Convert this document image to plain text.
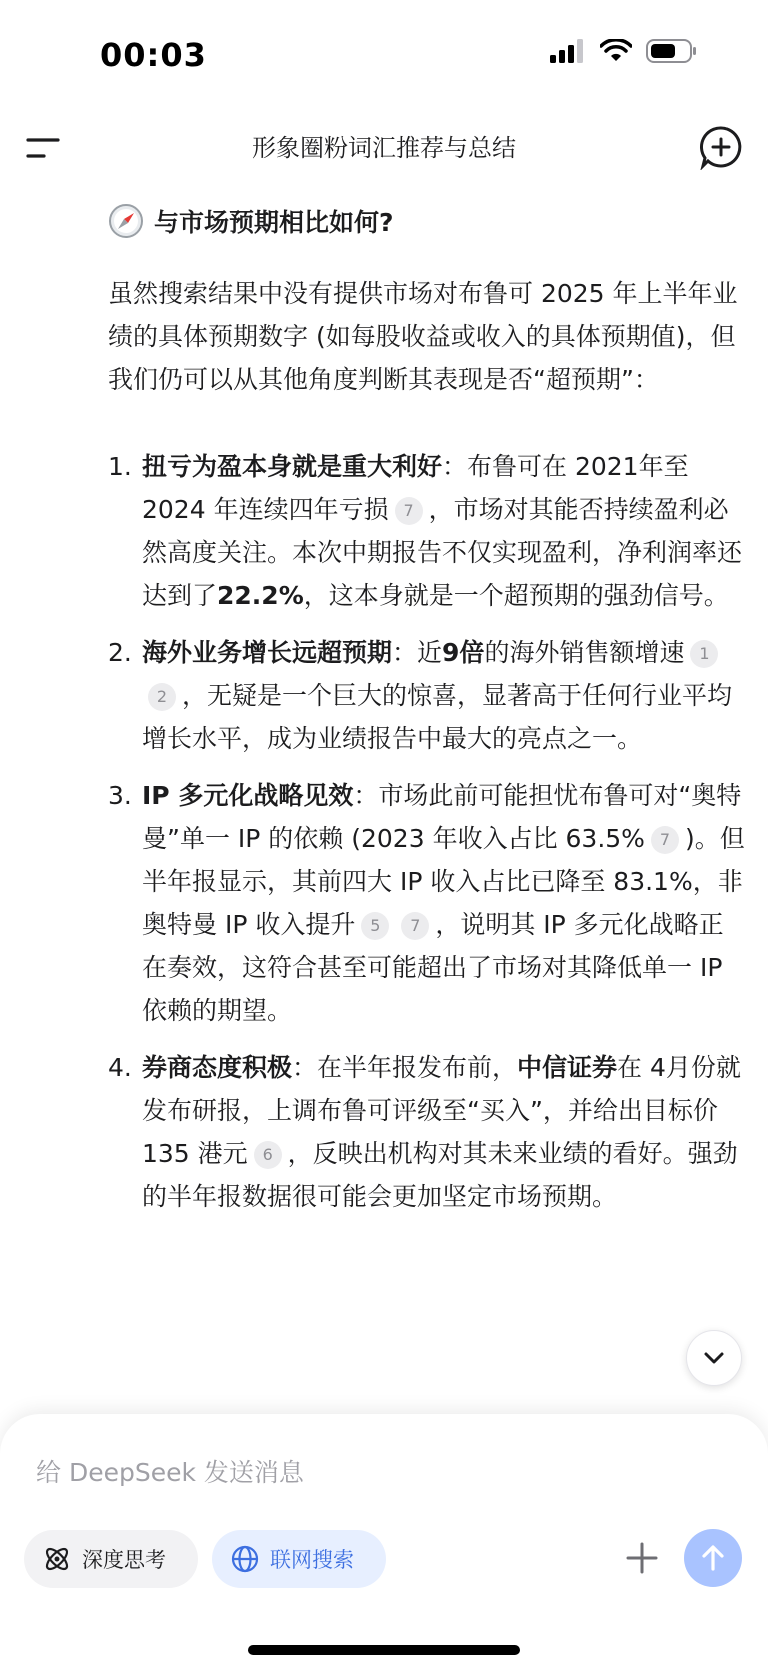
00:03
形象圈粉词汇推荐与总结
与市场预期相比如何?

虽然搜索结果中没有提供市场对布鲁可 2025 年上半年业绩的具体预期数字 (如每股收益或收入的具体预期值)，但我们仍可以从其他角度判断其表现是否“超预期”：

1. 扭亏为盈本身就是重大利好：布鲁可在 2021年至 2024 年连续四年亏损 7 ，市场对其能否持续盈利必然高度关注。本次中期报告不仅实现盈利，净利润率还达到了22.2%，这本身就是一个超预期的强劲信号。
2. 海外业务增长远超预期：近9倍的海外销售额增速 12 ，无疑是一个巨大的惊喜，显著高于任何行业平均增长水平，成为业绩报告中最大的亮点之一。
3. IP 多元化战略见效：市场此前可能担忧布鲁可对“奥特曼”单一 IP 的依赖 (2023 年收入占比 63.5% 7 )。但半年报显示，其前四大 IP 收入占比已降至 83.1%，非奥特曼 IP 收入提升 5 7 ，说明其 IP 多元化战略正在奏效，这符合甚至可能超出了市场对其降低单一 IP 依赖的期望。
4. 券商态度积极：在半年报发布前，中信证券在 4月份就发布研报，上调布鲁可评级至“买入”，并给出目标价 135 港元 6 ，反映出机构对其未来业绩的看好。强劲的半年报数据很可能会更加坚定市场预期。
给 DeepSeek 发送消息
深度思考	联网搜索
